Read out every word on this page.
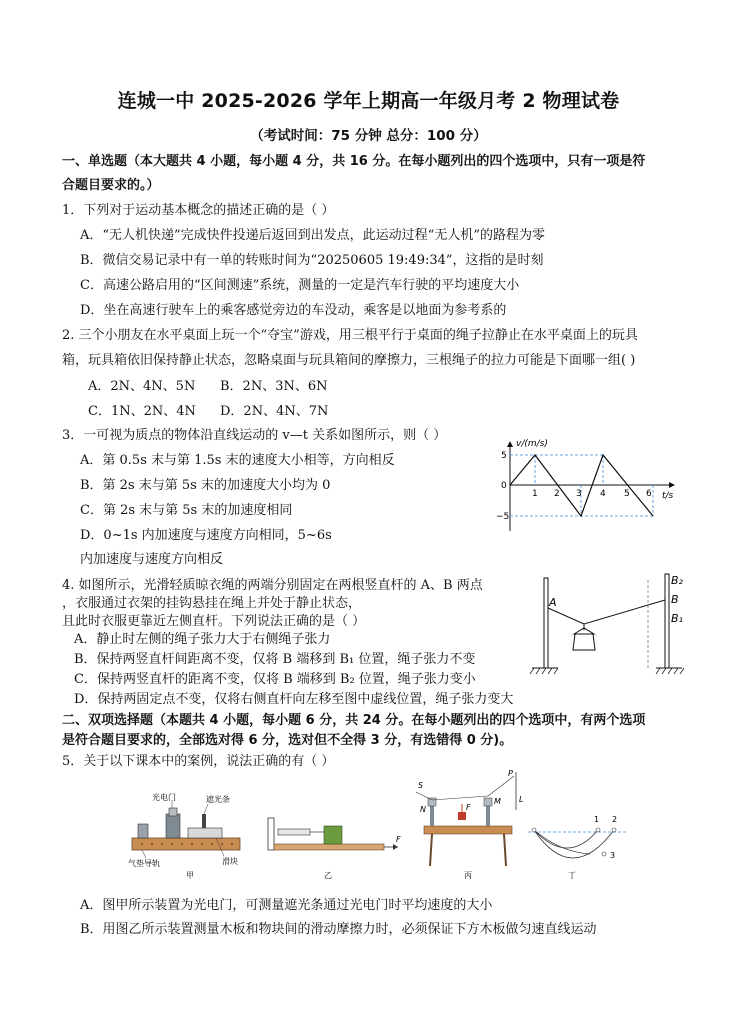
连城一中 2025-2026 学年上期高一年级月考 2 物理试卷
（考试时间：75 分钟 总分：100 分）
一、单选题（本大题共 4 小题，每小题 4 分，共 16 分。在每小题列出的四个选项中，只有一项是符
合题目要求的。）
1．下列对于运动基本概念的描述正确的是（ ）
A．“无人机快递”完成快件投递后返回到出发点，此运动过程“无人机”的路程为零
B．微信交易记录中有一单的转账时间为“20250605 19:49:34”，这指的是时刻
C．高速公路启用的“区间测速”系统，测量的一定是汽车行驶的平均速度大小
D．坐在高速行驶车上的乘客感觉旁边的车没动，乘客是以地面为参考系的
2. 三个小朋友在水平桌面上玩一个“夺宝”游戏，用三根平行于桌面的绳子拉静止在水平桌面上的玩具
箱，玩具箱依旧保持静止状态，忽略桌面与玩具箱间的摩擦力，三根绳子的拉力可能是下面哪一组( )
A．2N、4N、5N B．2N、3N、6N
C．1N、2N、4N D．2N、4N、7N
3．一可视为质点的物体沿直线运动的 v—t 关系如图所示，则（ ）
A．第 0.5s 末与第 1.5s 末的速度大小相等，方向相反
B．第 2s 末与第 5s 末的加速度大小均为 0
C．第 2s 末与第 5s 末的加速度相同
D．0~1s 内加速度与速度方向相同，5~6s
内加速度与速度方向相反
v/(m/s)
t/s
5
−5
0
1 2 3 4 5 6
4. 如图所示，光滑轻质晾衣绳的两端分别固定在两根竖直杆的 A、B 两点
，衣服通过衣架的挂钩悬挂在绳上并处于静止状态，
且此时衣服更靠近左侧直杆。下列说法正确的是（ ）
A．静止时左侧的绳子张力大于右侧绳子张力
B．保持两竖直杆间距离不变，仅将 B 端移到 B₁ 位置，绳子张力不变
C．保持两竖直杆的距离不变，仅将 B 端移到 B₂ 位置，绳子张力变小
D．保持两固定点不变，仅将右侧直杆向左移至图中虚线位置，绳子张力变大
A
B₂
B
B₁
二、双项选择题（本题共 4 小题，每小题 6 分，共 24 分。在每小题列出的四个选项中，有两个选项
是符合题目要求的，全部选对得 6 分，选对但不全得 3 分，有选错得 0 分)。
5．关于以下课本中的案例，说法正确的有（ ）
光电门	遮光条
气垫导轨	滑块
甲
F
乙
S
N
M
F
P
L
丙
1 2
3
丁
A．图甲所示装置为光电门，可测量遮光条通过光电门时平均速度的大小
B．用图乙所示装置测量木板和物块间的滑动摩擦力时，必须保证下方木板做匀速直线运动
